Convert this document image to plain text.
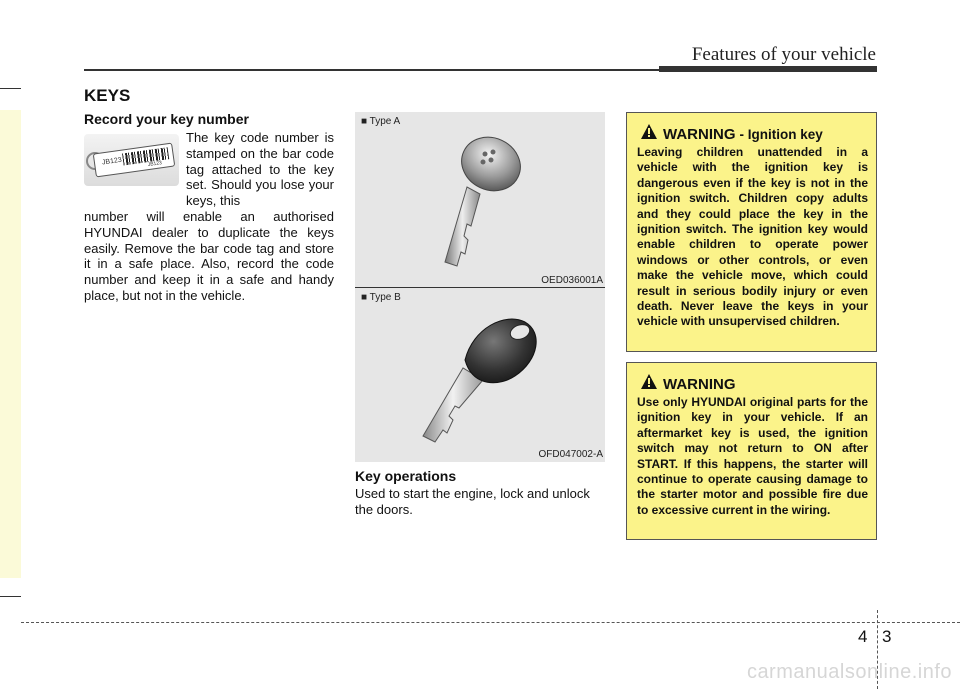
Features of your vehicle
KEYS
Record your key number
JB123	JB123
The key code number is stamped on the bar code tag attached to the key set. Should you lose your keys, this
number will enable an authorised HYUNDAI dealer to duplicate the keys easily. Remove the bar code tag and store it in a safe place. Also, record the code number and keep it in a safe and handy place, but not in the vehicle.
■ Type A
OED036001A
■ Type B
OFD047002-A
Key operations
Used to start the engine, lock and unlock the doors.
WARNING - Ignition key
Leaving children unattended in a vehicle with the ignition key is dangerous even if the key is not in the ignition switch. Children copy adults and they could place the key in the ignition switch. The ignition key would enable children to operate power windows or other controls, or even make the vehicle move, which could result in serious bodily injury or even death. Never leave the keys in your vehicle with unsupervised children.
WARNING
Use only HYUNDAI original parts for the ignition key in your vehicle. If an aftermarket key is used, the ignition switch may not return to ON after START. If this happens, the starter will continue to operate causing damage to the starter motor and possible fire due to excessive current in the wiring.
4 3
carmanualsonline.info
